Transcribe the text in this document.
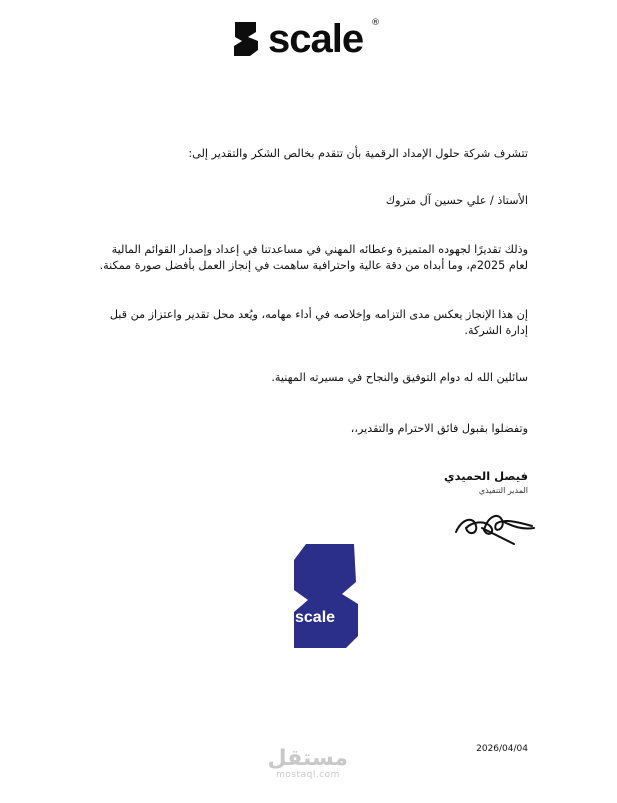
scale ®
تتشرف شركة حلول الإمداد الرقمية بأن تتقدم بخالص الشكر والتقدير إلى:
الأستاذ / علي حسين آل متروك
وذلك تقديرًا لجهوده المتميزة وعطائه المهني في مساعدتنا في إعداد وإصدار القوائم المالية لعام 2025م، وما أبداه من دقة عالية واحترافية ساهمت في إنجاز العمل بأفضل صورة ممكنة.
إن هذا الإنجاز يعكس مدى التزامه وإخلاصه في أداء مهامه، ويُعد محل تقدير واعتزاز من قبل إدارة الشركة.
سائلين الله له دوام التوفيق والنجاح في مسيرته المهنية.
وتفضلوا بقبول فائق الاحترام والتقدير،،
فيصل الحميدي
المدير التنفيذي
scale
شركة حلول الإمداد الرقمية
رقم موحد: 7050512504
2026/04/04
مستقل
mostaql.com
